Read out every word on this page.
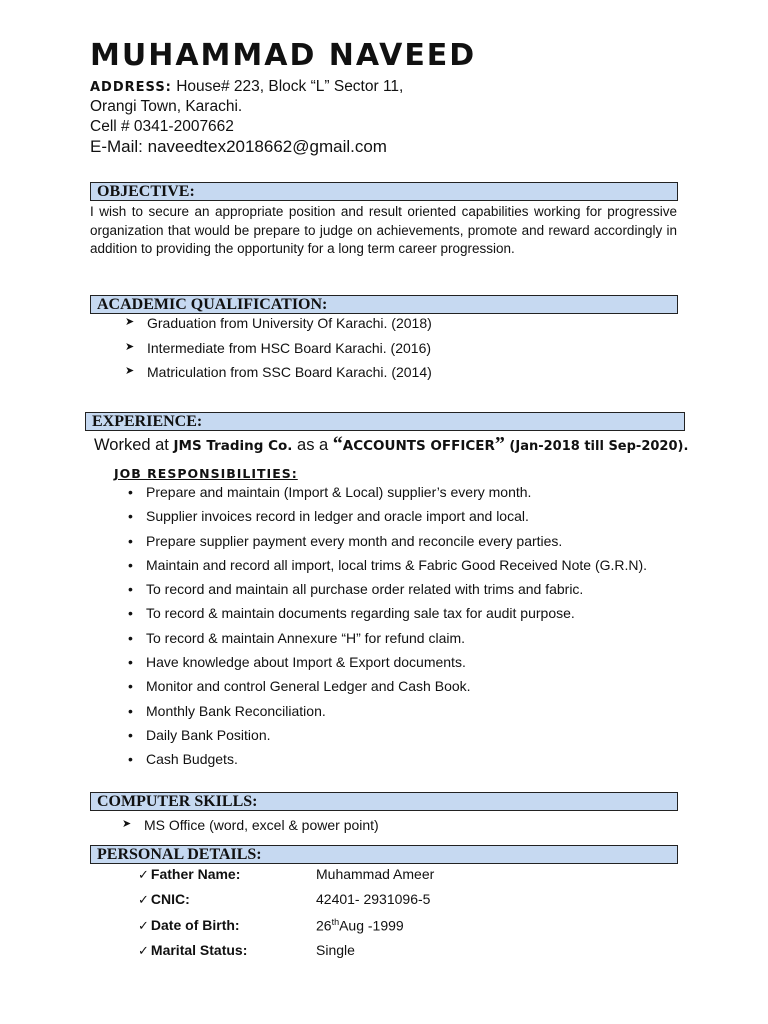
MUHAMMAD NAVEED
ADDRESS: House# 223, Block “L” Sector 11,
Orangi Town, Karachi.
Cell # 0341-2007662
E-Mail: naveedtex2018662@gmail.com
OBJECTIVE:
I wish to secure an appropriate position and result oriented capabilities working for progressive organization that would be prepare to judge on achievements, promote and reward accordingly in addition to providing the opportunity for a long term career progression.
ACADEMIC QUALIFICATION:
➤ Graduation from University Of Karachi. (2018)
➤ Intermediate from HSC Board Karachi. (2016)
➤ Matriculation from SSC Board Karachi. (2014)
EXPERIENCE:
Worked at JMS Trading Co. as a “ACCOUNTS OFFICER” (Jan-2018 till Sep-2020).
JOB RESPONSIBILITIES:
• Prepare and maintain (Import & Local) supplier’s every month.
• Supplier invoices record in ledger and oracle import and local.
• Prepare supplier payment every month and reconcile every parties.
• Maintain and record all import, local trims & Fabric Good Received Note (G.R.N).
• To record and maintain all purchase order related with trims and fabric.
• To record & maintain documents regarding sale tax for audit purpose.
• To record & maintain Annexure “H” for refund claim.
• Have knowledge about Import & Export documents.
• Monitor and control General Ledger and Cash Book.
• Monthly Bank Reconciliation.
• Daily Bank Position.
• Cash Budgets.
COMPUTER SKILLS:
➤ MS Office (word, excel & power point)
PERSONAL DETAILS:
✓ Father Name:	Muhammad Ameer
✓ CNIC:	42401- 2931096-5
✓ Date of Birth:	26thAug -1999
✓ Marital Status:	Single
